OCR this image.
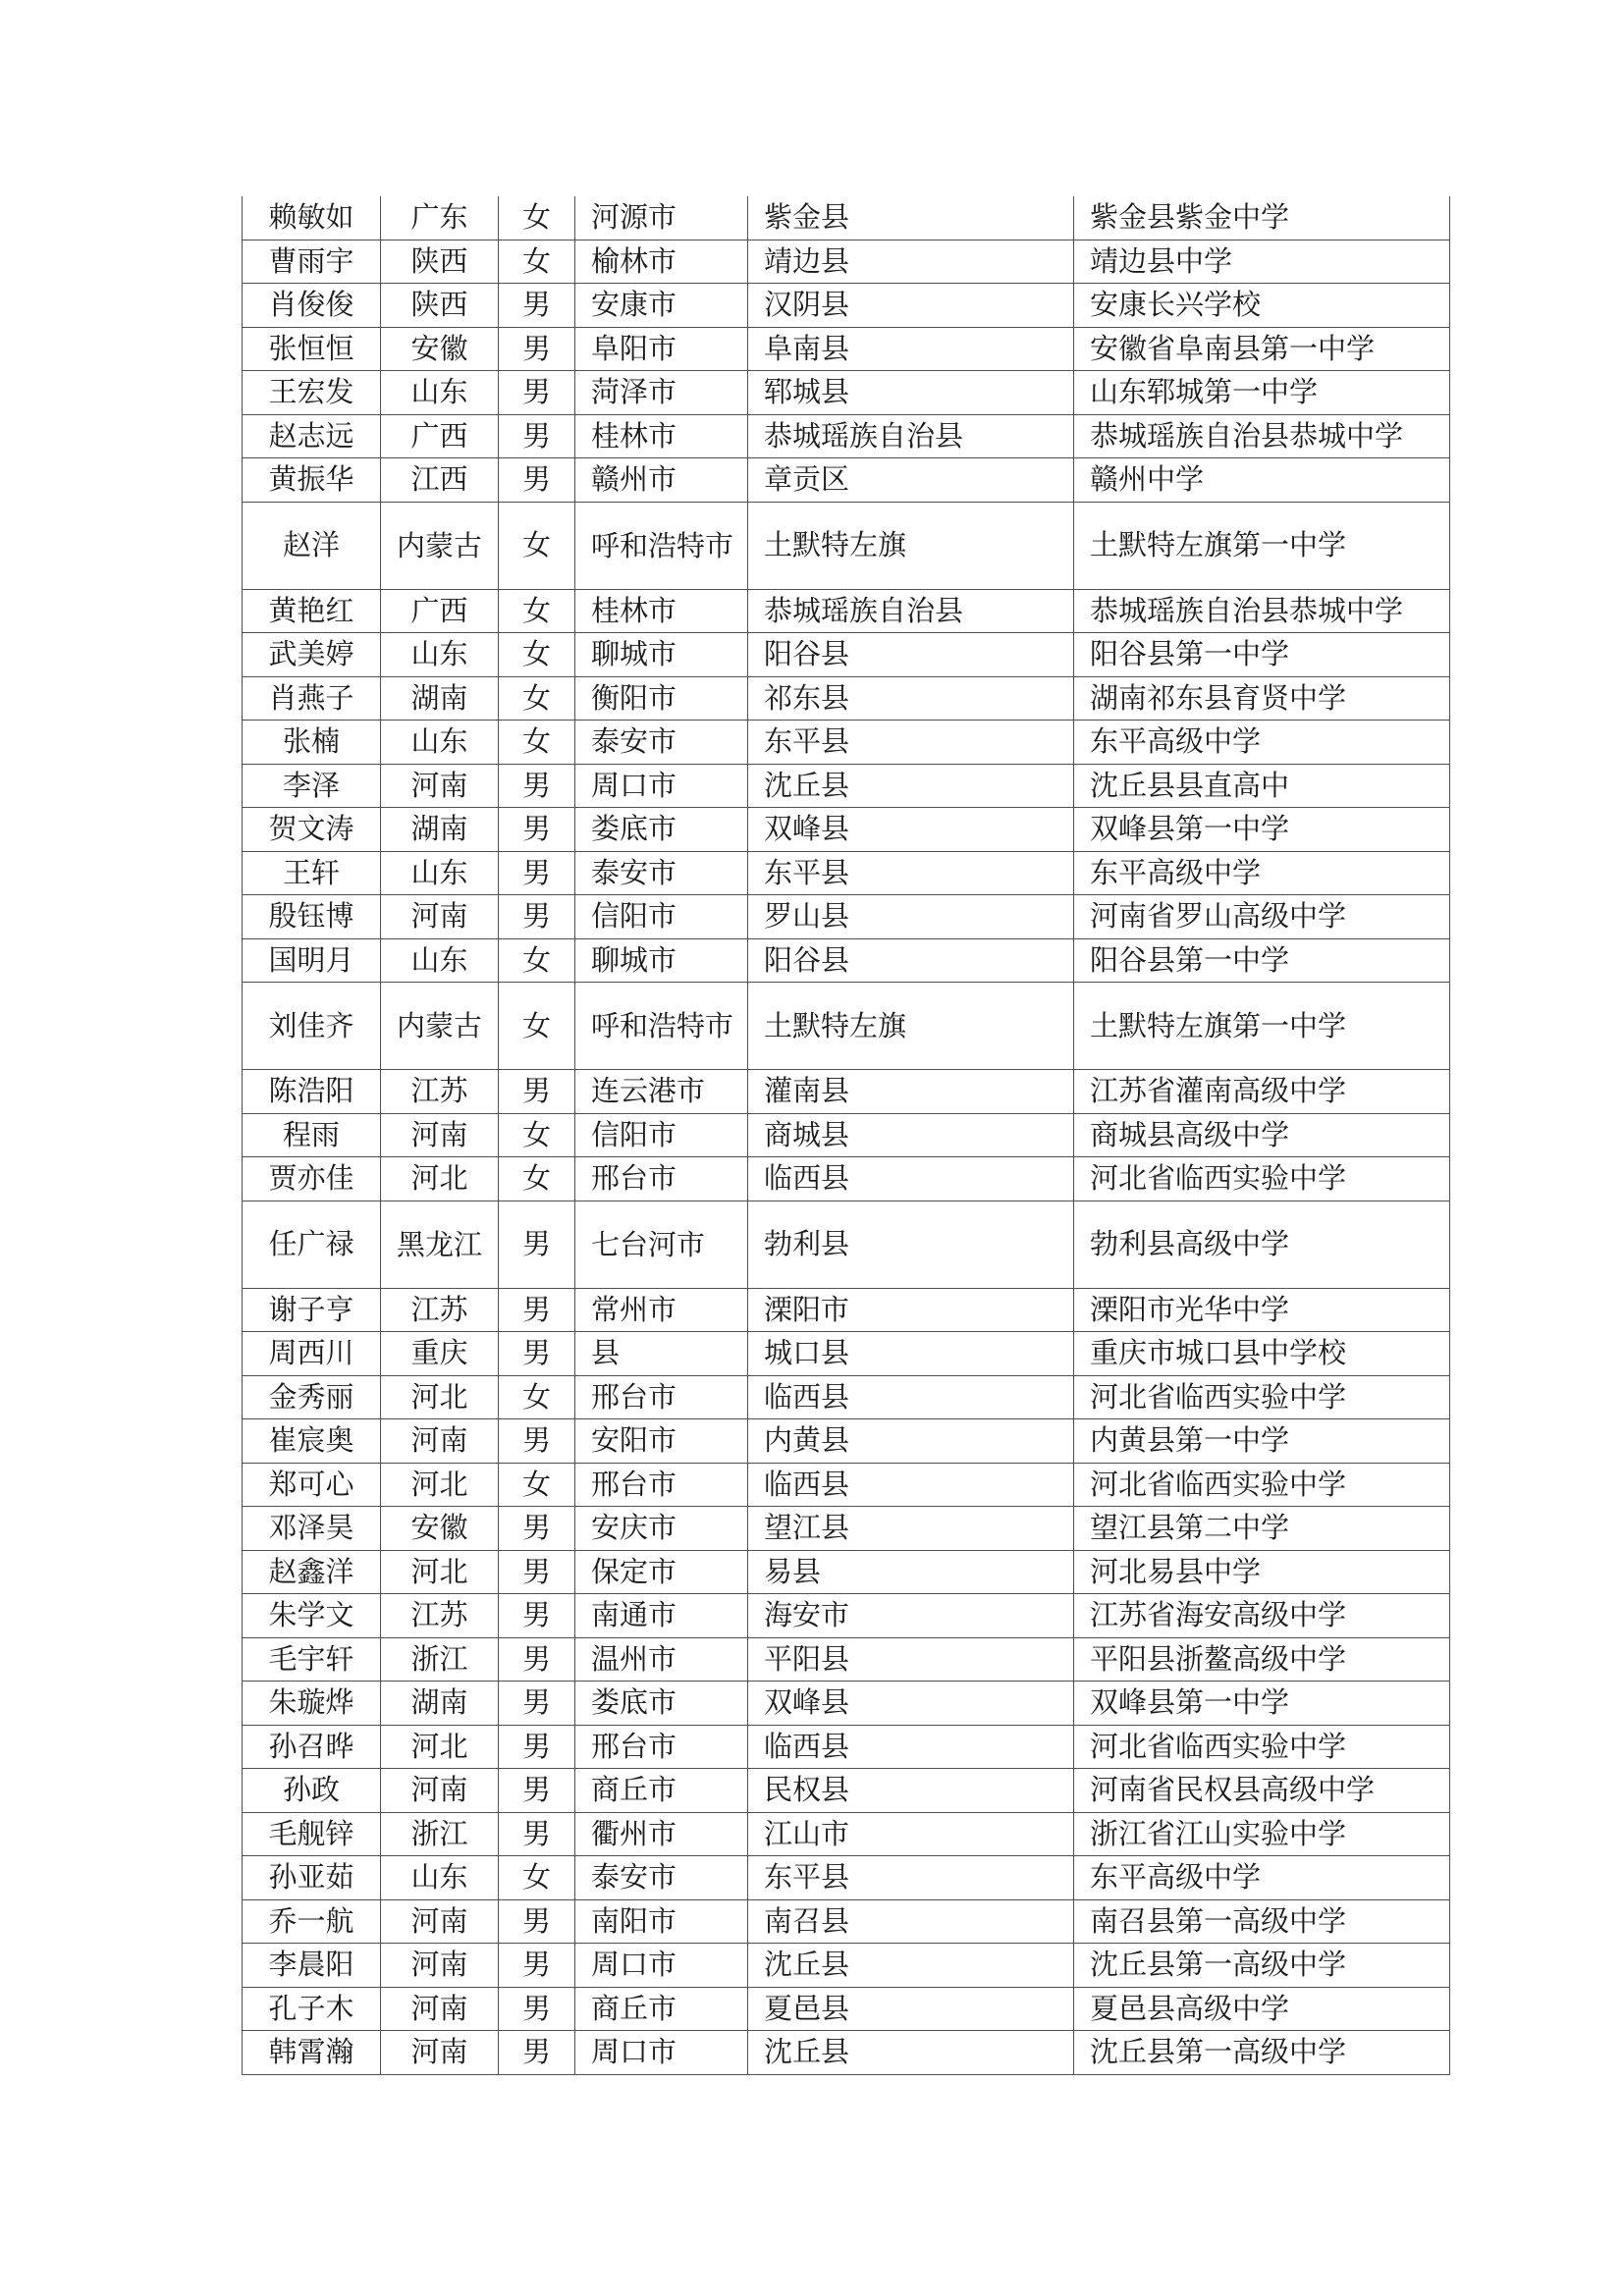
赖敏如	广东	女	河源市	紫金县	紫金县紫金中学
曹雨宇	陕西	女	榆林市	靖边县	靖边县中学
肖俊俊	陕西	男	安康市	汉阴县	安康长兴学校
张恒恒	安徽	男	阜阳市	阜南县	安徽省阜南县第一中学
王宏发	山东	男	菏泽市	郓城县	山东郓城第一中学
赵志远	广西	男	桂林市	恭城瑶族自治县	恭城瑶族自治县恭城中学
黄振华	江西	男	赣州市	章贡区	赣州中学
赵洋	内蒙古	女	呼和浩特市	土默特左旗	土默特左旗第一中学
黄艳红	广西	女	桂林市	恭城瑶族自治县	恭城瑶族自治县恭城中学
武美婷	山东	女	聊城市	阳谷县	阳谷县第一中学
肖燕子	湖南	女	衡阳市	祁东县	湖南祁东县育贤中学
张楠	山东	女	泰安市	东平县	东平高级中学
李泽	河南	男	周口市	沈丘县	沈丘县县直高中
贺文涛	湖南	男	娄底市	双峰县	双峰县第一中学
王轩	山东	男	泰安市	东平县	东平高级中学
殷钰博	河南	男	信阳市	罗山县	河南省罗山高级中学
国明月	山东	女	聊城市	阳谷县	阳谷县第一中学
刘佳齐	内蒙古	女	呼和浩特市	土默特左旗	土默特左旗第一中学
陈浩阳	江苏	男	连云港市	灌南县	江苏省灌南高级中学
程雨	河南	女	信阳市	商城县	商城县高级中学
贾亦佳	河北	女	邢台市	临西县	河北省临西实验中学
任广禄	黑龙江	男	七台河市	勃利县	勃利县高级中学
谢子亨	江苏	男	常州市	溧阳市	溧阳市光华中学
周西川	重庆	男	县	城口县	重庆市城口县中学校
金秀丽	河北	女	邢台市	临西县	河北省临西实验中学
崔宸奥	河南	男	安阳市	内黄县	内黄县第一中学
郑可心	河北	女	邢台市	临西县	河北省临西实验中学
邓泽昊	安徽	男	安庆市	望江县	望江县第二中学
赵鑫洋	河北	男	保定市	易县	河北易县中学
朱学文	江苏	男	南通市	海安市	江苏省海安高级中学
毛宇轩	浙江	男	温州市	平阳县	平阳县浙鳌高级中学
朱璇烨	湖南	男	娄底市	双峰县	双峰县第一中学
孙召晔	河北	男	邢台市	临西县	河北省临西实验中学
孙政	河南	男	商丘市	民权县	河南省民权县高级中学
毛舰锌	浙江	男	衢州市	江山市	浙江省江山实验中学
孙亚茹	山东	女	泰安市	东平县	东平高级中学
乔一航	河南	男	南阳市	南召县	南召县第一高级中学
李晨阳	河南	男	周口市	沈丘县	沈丘县第一高级中学
孔子木	河南	男	商丘市	夏邑县	夏邑县高级中学
韩霄瀚	河南	男	周口市	沈丘县	沈丘县第一高级中学
